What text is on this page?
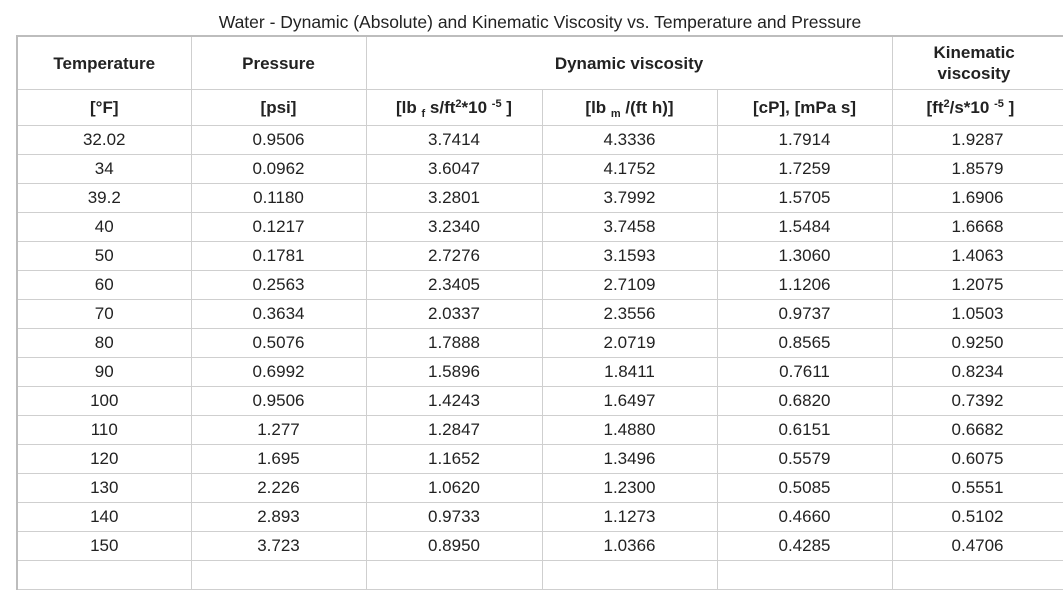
Water - Dynamic (Absolute) and Kinematic Viscosity vs. Temperature and Pressure
Temperature	Pressure	Dynamic viscosity			Kinematic
viscosity
[°F]	[psi]	[lb $_f$ $s/ft^2*10$ $^{-5}$ ]	[lb $_m$ /(ft h)]	[cP], [mPa s]	[$ft^2/s*10$ $^{-5}$ ]
32.02	0.9506	3.7414	4.3336	1.7914	1.9287
34	0.0962	3.6047	4.1752	1.7259	1.8579
39.2	0.1180	3.2801	3.7992	1.5705	1.6906
40	0.1217	3.2340	3.7458	1.5484	1.6668
50	0.1781	2.7276	3.1593	1.3060	1.4063
60	0.2563	2.3405	2.7109	1.1206	1.2075
70	0.3634	2.0337	2.3556	0.9737	1.0503
80	0.5076	1.7888	2.0719	0.8565	0.9250
90	0.6992	1.5896	1.8411	0.7611	0.8234
100	0.9506	1.4243	1.6497	0.6820	0.7392
110	1.277	1.2847	1.4880	0.6151	0.6682
120	1.695	1.1652	1.3496	0.5579	0.6075
130	2.226	1.0620	1.2300	0.5085	0.5551
140	2.893	0.9733	1.1273	0.4660	0.5102
150	3.723	0.8950	1.0366	0.4285	0.4706
